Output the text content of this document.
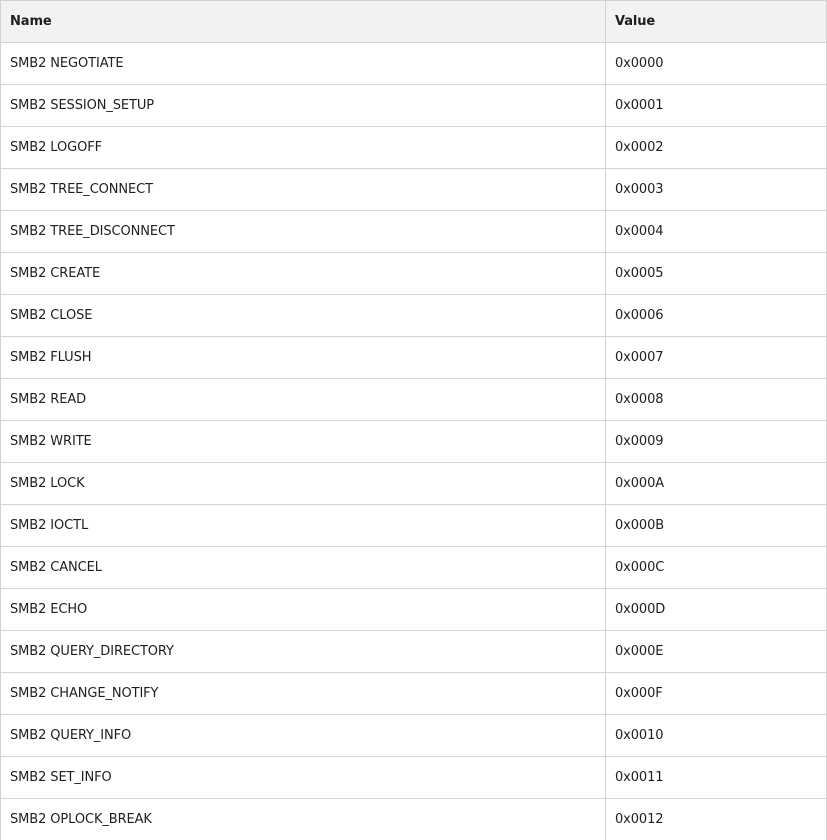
Name	Value
SMB2 NEGOTIATE	0x0000
SMB2 SESSION_SETUP	0x0001
SMB2 LOGOFF	0x0002
SMB2 TREE_CONNECT	0x0003
SMB2 TREE_DISCONNECT	0x0004
SMB2 CREATE	0x0005
SMB2 CLOSE	0x0006
SMB2 FLUSH	0x0007
SMB2 READ	0x0008
SMB2 WRITE	0x0009
SMB2 LOCK	0x000A
SMB2 IOCTL	0x000B
SMB2 CANCEL	0x000C
SMB2 ECHO	0x000D
SMB2 QUERY_DIRECTORY	0x000E
SMB2 CHANGE_NOTIFY	0x000F
SMB2 QUERY_INFO	0x0010
SMB2 SET_INFO	0x0011
SMB2 OPLOCK_BREAK	0x0012
